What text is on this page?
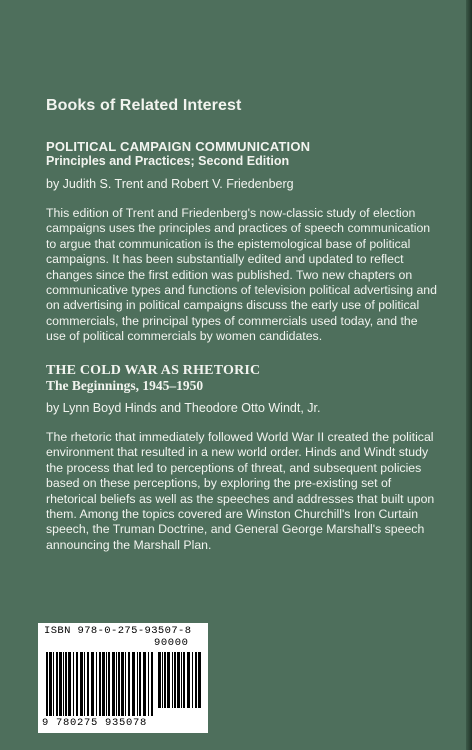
Books of Related Interest
POLITICAL CAMPAIGN COMMUNICATION
Principles and Practices; Second Edition
by Judith S. Trent and Robert V. Friedenberg
This edition of Trent and Friedenberg's now-classic study of election campaigns uses the principles and practices of speech communication to argue that communication is the epistemological base of political campaigns. It has been substantially edited and updated to reflect changes since the first edition was published. Two new chapters on communicative types and functions of television political advertising and on advertising in political campaigns discuss the early use of political commercials, the principal types of commercials used today, and the use of political commercials by women candidates.
THE COLD WAR AS RHETORIC
The Beginnings, 1945–1950
by Lynn Boyd Hinds and Theodore Otto Windt, Jr.
The rhetoric that immediately followed World War II created the political environment that resulted in a new world order. Hinds and Windt study the process that led to perceptions of threat, and subsequent policies based on these perceptions, by exploring the pre-existing set of rhetorical beliefs as well as the speeches and addresses that built upon them. Among the topics covered are Winston Churchill's Iron Curtain speech, the Truman Doctrine, and General George Marshall's speech announcing the Marshall Plan.
ISBN 978-0-275-93507-8
90000
9 780275 935078
